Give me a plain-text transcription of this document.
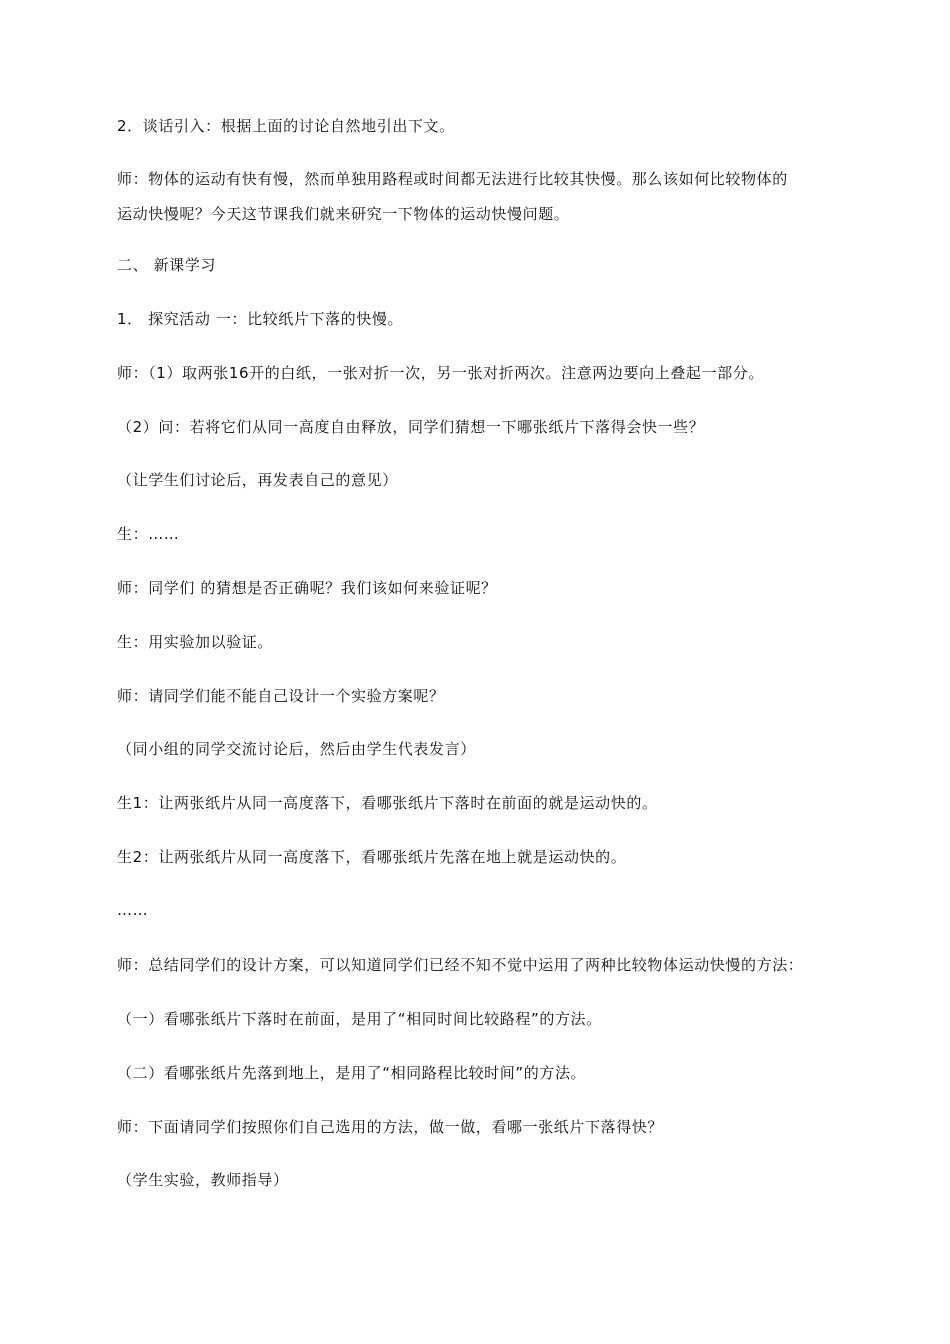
2．谈话引入：根据上面的讨论自然地引出下文。
师：物体的运动有快有慢，然而单独用路程或时间都无法进行比较其快慢。那么该如何比较物体的
运动快慢呢？今天这节课我们就来研究一下物体的运动快慢问题。
二、 新课学习
1． 探究活动 一：比较纸片下落的快慢。
师：（1）取两张16开的白纸，一张对折一次，另一张对折两次。注意两边要向上叠起一部分。
（2）问：若将它们从同一高度自由释放，同学们猜想一下哪张纸片下落得会快一些？
（让学生们讨论后，再发表自己的意见）
生：……
师：同学们 的猜想是否正确呢？我们该如何来验证呢？
生：用实验加以验证。
师：请同学们能不能自己设计一个实验方案呢？
（同小组的同学交流讨论后，然后由学生代表发言）
生1：让两张纸片从同一高度落下，看哪张纸片下落时在前面的就是运动快的。
生2：让两张纸片从同一高度落下，看哪张纸片先落在地上就是运动快的。
……
师：总结同学们的设计方案，可以知道同学们已经不知不觉中运用了两种比较物体运动快慢的方法：
（一）看哪张纸片下落时在前面，是用了“相同时间比较路程”的方法。
（二）看哪张纸片先落到地上，是用了“相同路程比较时间”的方法。
师：下面请同学们按照你们自己选用的方法，做一做，看哪一张纸片下落得快？
（学生实验，教师指导）
